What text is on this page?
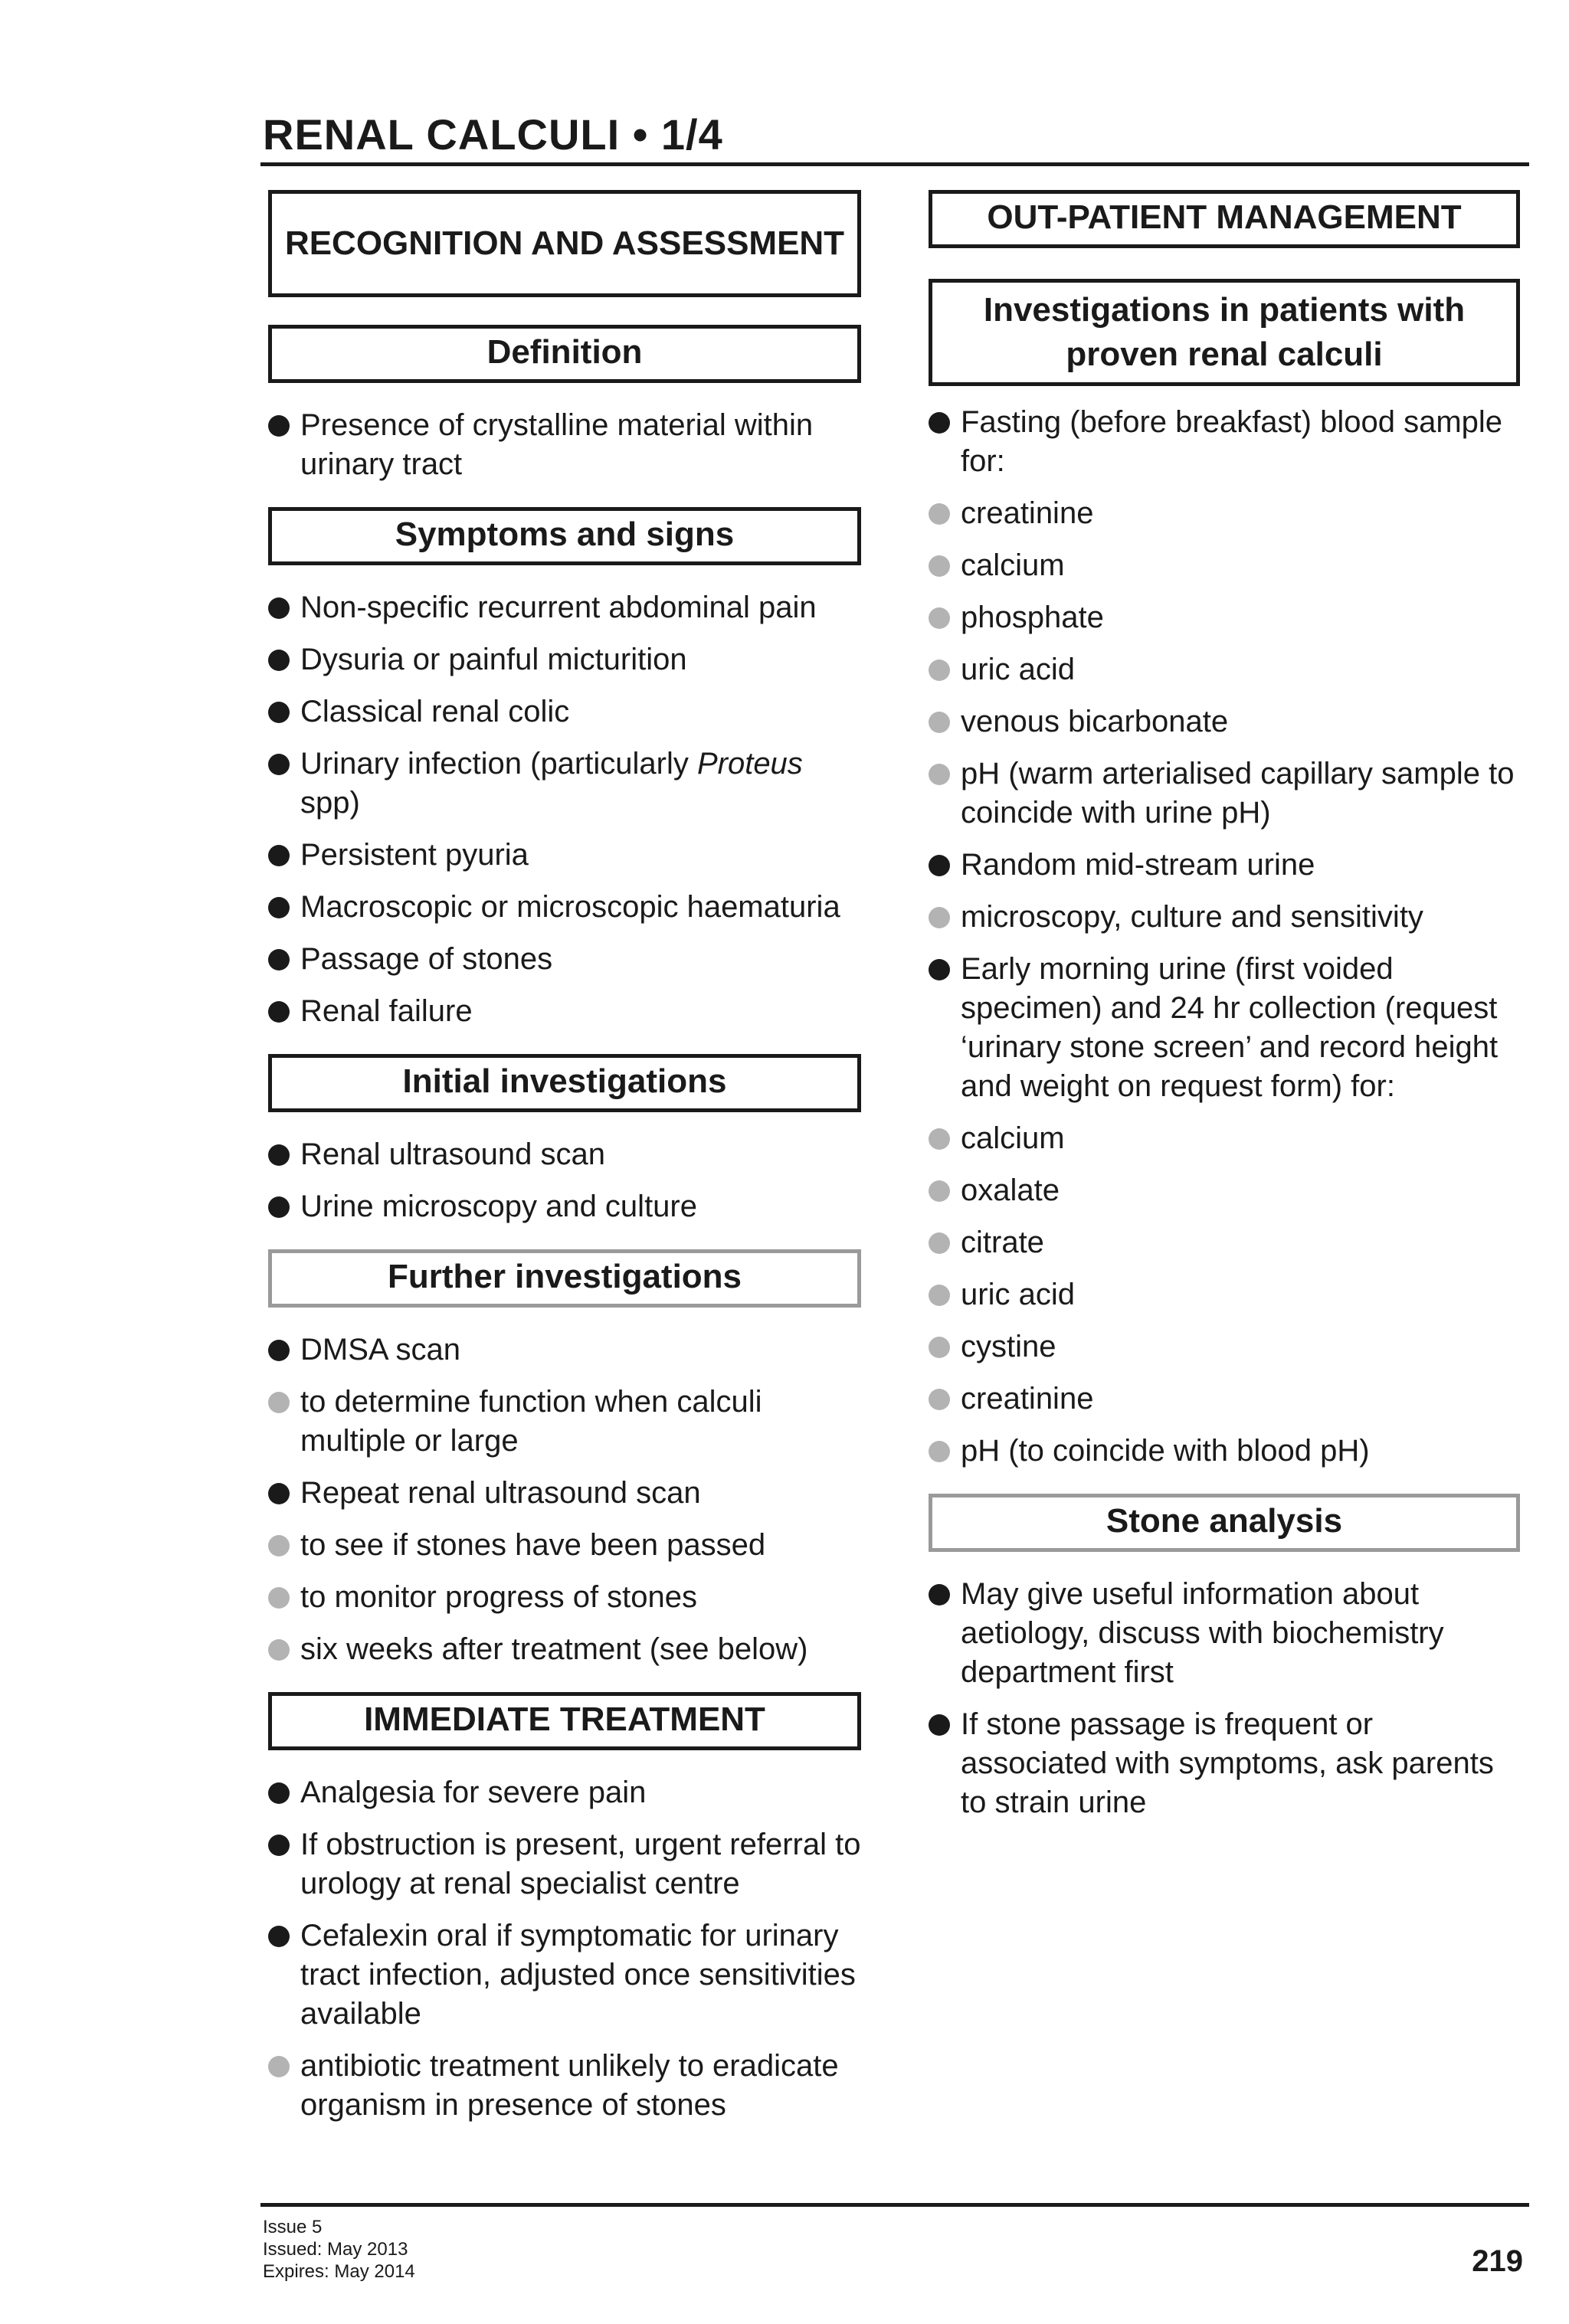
RENAL CALCULI • 1/4
RECOGNITION AND ASSESSMENT
Definition
Presence of crystalline material within urinary tract
Symptoms and signs
Non-specific recurrent abdominal pain
Dysuria or painful micturition
Classical renal colic
Urinary infection (particularly Proteus spp)
Persistent pyuria
Macroscopic or microscopic haematuria
Passage of stones
Renal failure
Initial investigations
Renal ultrasound scan
Urine microscopy and culture
Further investigations
DMSA scan
to determine function when calculi multiple or large
Repeat renal ultrasound scan
to see if stones have been passed
to monitor progress of stones
six weeks after treatment (see below)
IMMEDIATE TREATMENT
Analgesia for severe pain
If obstruction is present, urgent referral to urology at renal specialist centre
Cefalexin oral if symptomatic for urinary tract infection, adjusted once sensitivities available
antibiotic treatment unlikely to eradicate organism in presence of stones
OUT-PATIENT MANAGEMENT
Investigations in patients with proven renal calculi
Fasting (before breakfast) blood sample for:
creatinine
calcium
phosphate
uric acid
venous bicarbonate
pH (warm arterialised capillary sample to coincide with urine pH)
Random mid-stream urine
microscopy, culture and sensitivity
Early morning urine (first voided specimen) and 24 hr collection (request ‘urinary stone screen’ and record height and weight on request form) for:
calcium
oxalate
citrate
uric acid
cystine
creatinine
pH (to coincide with blood pH)
Stone analysis
May give useful information about aetiology, discuss with biochemistry department first
If stone passage is frequent or associated with symptoms, ask parents to strain urine
Issue 5
Issued: May 2013
Expires: May 2014	219
